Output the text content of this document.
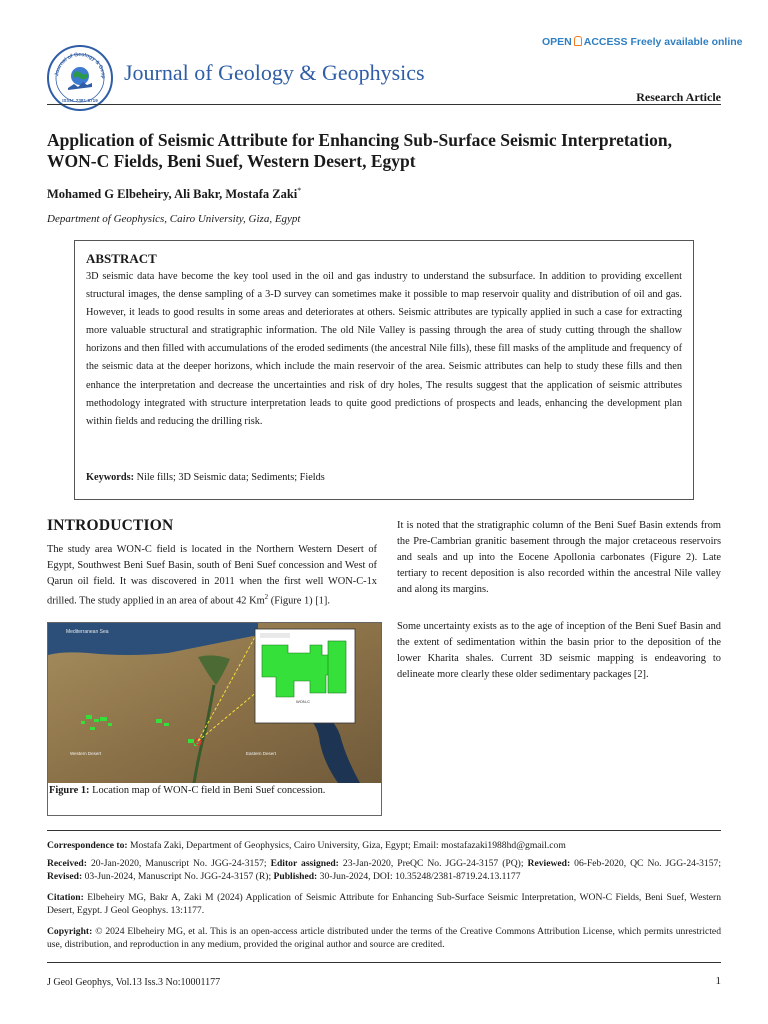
Journal of Geology & Geop
ISSN: 2381-8719
Journal of Geology & Geophysics
OPEN ACCESS Freely available online
Research Article
Application of Seismic Attribute for Enhancing Sub-Surface Seismic Interpretation, WON-C Fields, Beni Suef, Western Desert, Egypt
Mohamed G Elbeheiry, Ali Bakr, Mostafa Zaki*
Department of Geophysics, Cairo University, Giza, Egypt
ABSTRACT
3D seismic data have become the key tool used in the oil and gas industry to understand the subsurface. In addition to providing excellent structural images, the dense sampling of a 3-D survey can sometimes make it possible to map reservoir quality and distribution of oil and gas. However, it leads to good results in some areas and deteriorates at others. Seismic attributes are typically applied in such a case for extracting more valuable structural and stratigraphic information. The old Nile Valley is passing through the area of study cutting through the shallow horizons and then filled with accumulations of the eroded sediments (the ancestral Nile fills), these fill masks of the amplitude and frequency of the seismic data at the deeper horizons, which include the main reservoir of the area. Seismic attributes can help to study these fills and then enhance the interpretation and decrease the uncertainties and risk of dry holes, The results suggest that the application of seismic attributes methodology integrated with structure interpretation leads to quite good predictions of prospects and leads, enhancing the development plan within fields and reducing the drilling risk.
Keywords: Nile fills; 3D Seismic data; Sediments; Fields
INTRODUCTION
The study area WON-C field is located in the Northern Western Desert of Egypt, Southwest Beni Suef Basin, south of Beni Suef concession and West of Qarun oil field. It was discovered in 2011 when the first well WON-C-1x drilled. The study applied in an area of about 42 Km$^2$ (Figure 1) [1].
It is noted that the stratigraphic column of the Beni Suef Basin extends from the Pre-Cambrian granitic basement through the major cretaceous reservoirs and seals and up into the Eocene Apollonia carbonates (Figure 2). Late tertiary to recent deposition is also recorded within the ancestral Nile valley and along its margins.
Some uncertainty exists as to the age of inception of the Beni Suef Basin and the extent of sedimentation within the basin prior to the deposition of the lower Kharita shales. Current 3D seismic mapping is endeavoring to delineate more clearly these older sedimentary packages [2].
WON-C
Mediterranean Sea
Western Desert	Eastern Desert
Figure 1: Location map of WON-C field in Beni Suef concession.
Correspondence to: Mostafa Zaki, Department of Geophysics, Cairo University, Giza, Egypt; Email: mostafazaki1988hd@gmail.com
Received: 20-Jan-2020, Manuscript No. JGG-24-3157; Editor assigned: 23-Jan-2020, PreQC No. JGG-24-3157 (PQ); Reviewed: 06-Feb-2020, QC No. JGG-24-3157; Revised: 03-Jun-2024, Manuscript No. JGG-24-3157 (R); Published: 30-Jun-2024, DOI: 10.35248/2381-8719.24.13.1177
Citation: Elbeheiry MG, Bakr A, Zaki M (2024) Application of Seismic Attribute for Enhancing Sub-Surface Seismic Interpretation, WON-C Fields, Beni Suef, Western Desert, Egypt. J Geol Geophys. 13:1177.
Copyright: © 2024 Elbeheiry MG, et al. This is an open-access article distributed under the terms of the Creative Commons Attribution License, which permits unrestricted use, distribution, and reproduction in any medium, provided the original author and source are credited.
J Geol Geophys, Vol.13 Iss.3 No:10001177	1
